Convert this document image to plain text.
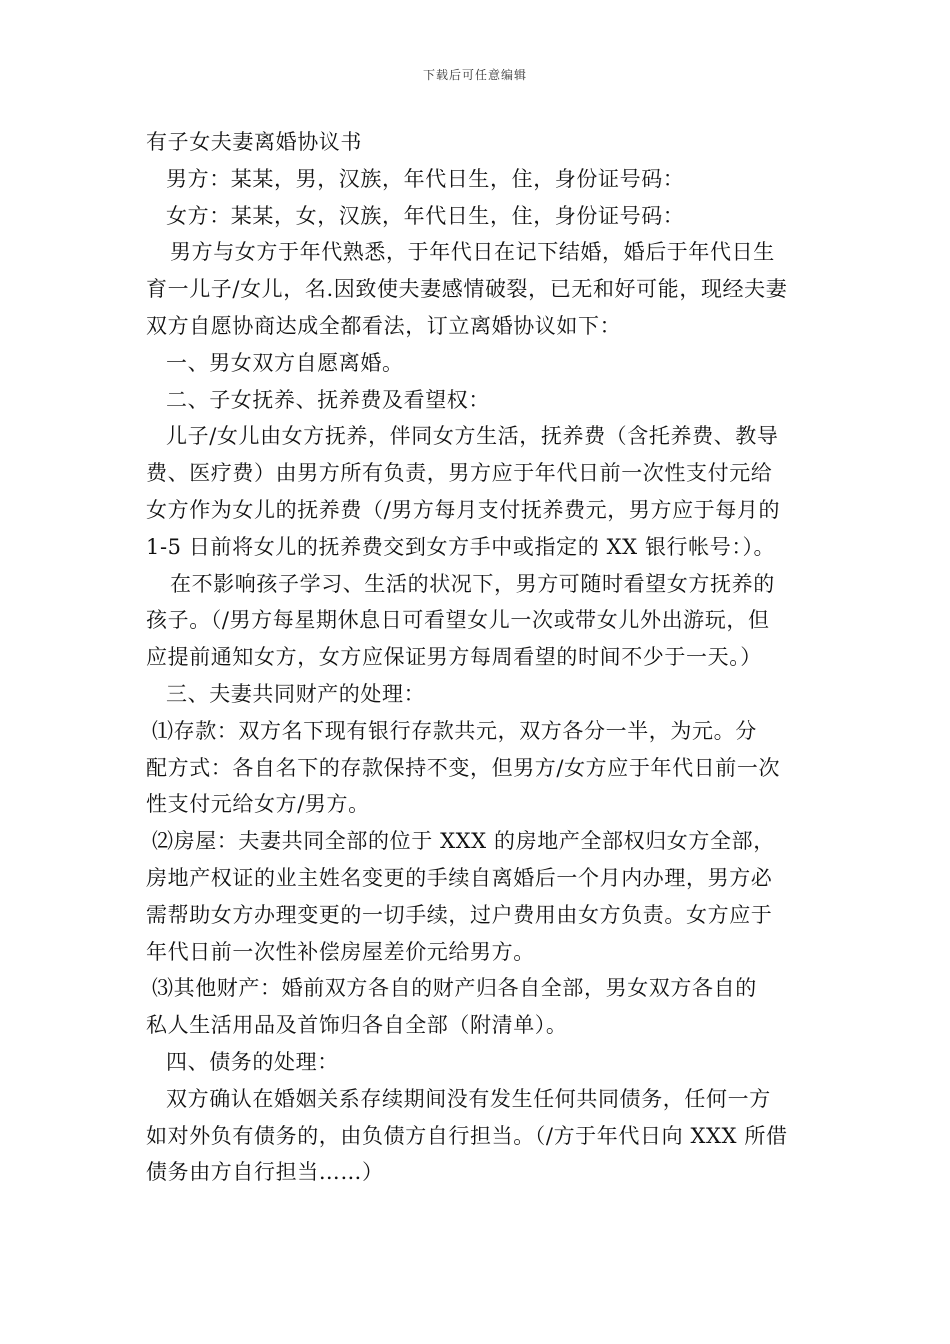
下载后可任意编辑
有子女夫妻离婚协议书
男方：某某，男，汉族，年代日生，住，身份证号码：
女方：某某，女，汉族，年代日生，住，身份证号码：
男方与女方于年代熟悉，于年代日在记下结婚，婚后于年代日生
育一儿子/女儿，名.因致使夫妻感情破裂，已无和好可能，现经夫妻
双方自愿协商达成全都看法，订立离婚协议如下：
一、男女双方自愿离婚。
二、子女抚养、抚养费及看望权：
儿子/女儿由女方抚养，伴同女方生活，抚养费（含托养费、教导
费、医疗费）由男方所有负责，男方应于年代日前一次性支付元给
女方作为女儿的抚养费（/男方每月支付抚养费元，男方应于每月的
1-5 日前将女儿的抚养费交到女方手中或指定的 XX 银行帐号：）。
在不影响孩子学习、生活的状况下，男方可随时看望女方抚养的
孩子。（/男方每星期休息日可看望女儿一次或带女儿外出游玩，但
应提前通知女方，女方应保证男方每周看望的时间不少于一天。）
三、夫妻共同财产的处理：
⑴存款：双方名下现有银行存款共元，双方各分一半，为元。分
配方式：各自名下的存款保持不变，但男方/女方应于年代日前一次
性支付元给女方/男方。
⑵房屋：夫妻共同全部的位于 XXX 的房地产全部权归女方全部，
房地产权证的业主姓名变更的手续自离婚后一个月内办理，男方必
需帮助女方办理变更的一切手续，过户费用由女方负责。女方应于
年代日前一次性补偿房屋差价元给男方。
⑶其他财产：婚前双方各自的财产归各自全部，男女双方各自的
私人生活用品及首饰归各自全部（附清单）。
四、债务的处理：
双方确认在婚姻关系存续期间没有发生任何共同债务，任何一方
如对外负有债务的，由负债方自行担当。（/方于年代日向 XXX 所借
债务由方自行担当……）
